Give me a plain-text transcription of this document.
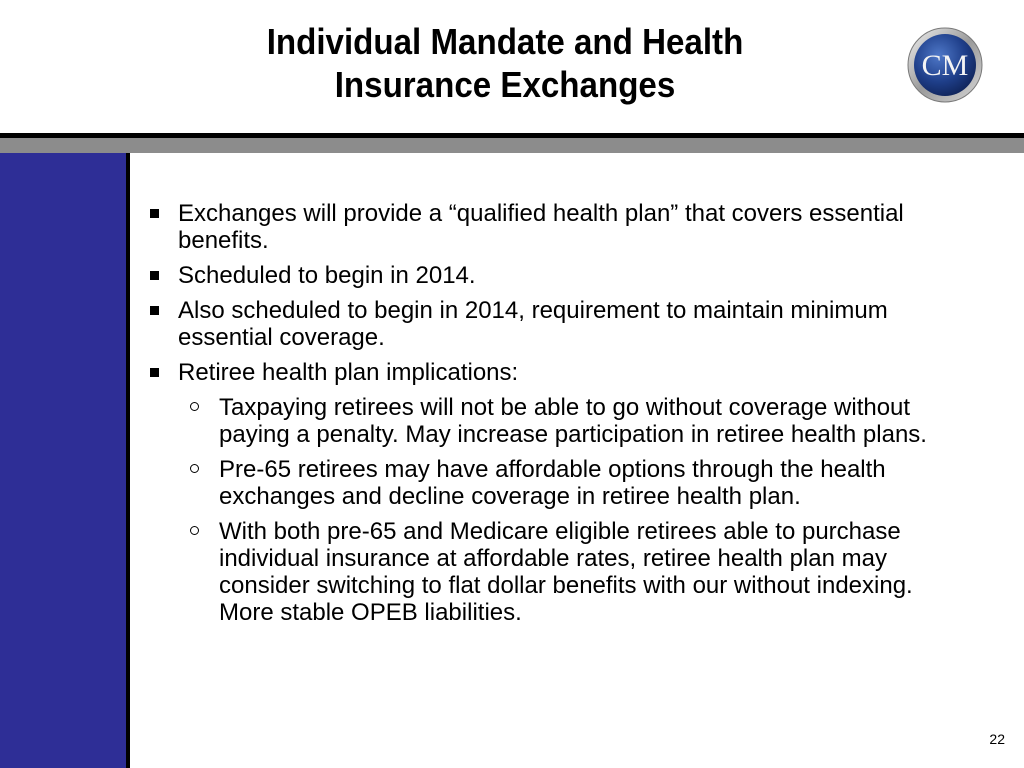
Individual Mandate and Health
Insurance Exchanges	CM
Exchanges will provide a “qualified health plan” that covers essential benefits.
Scheduled to begin in 2014.
Also scheduled to begin in 2014, requirement to maintain minimum essential coverage.
Retiree health plan implications:
Taxpaying retirees will not be able to go without coverage without paying a penalty. May increase participation in retiree health plans.
Pre-65 retirees may have affordable options through the health exchanges and decline coverage in retiree health plan.
With both pre-65 and Medicare eligible retirees able to purchase individual insurance at affordable rates, retiree health plan may consider switching to flat dollar benefits with our without indexing. More stable OPEB liabilities.
22
